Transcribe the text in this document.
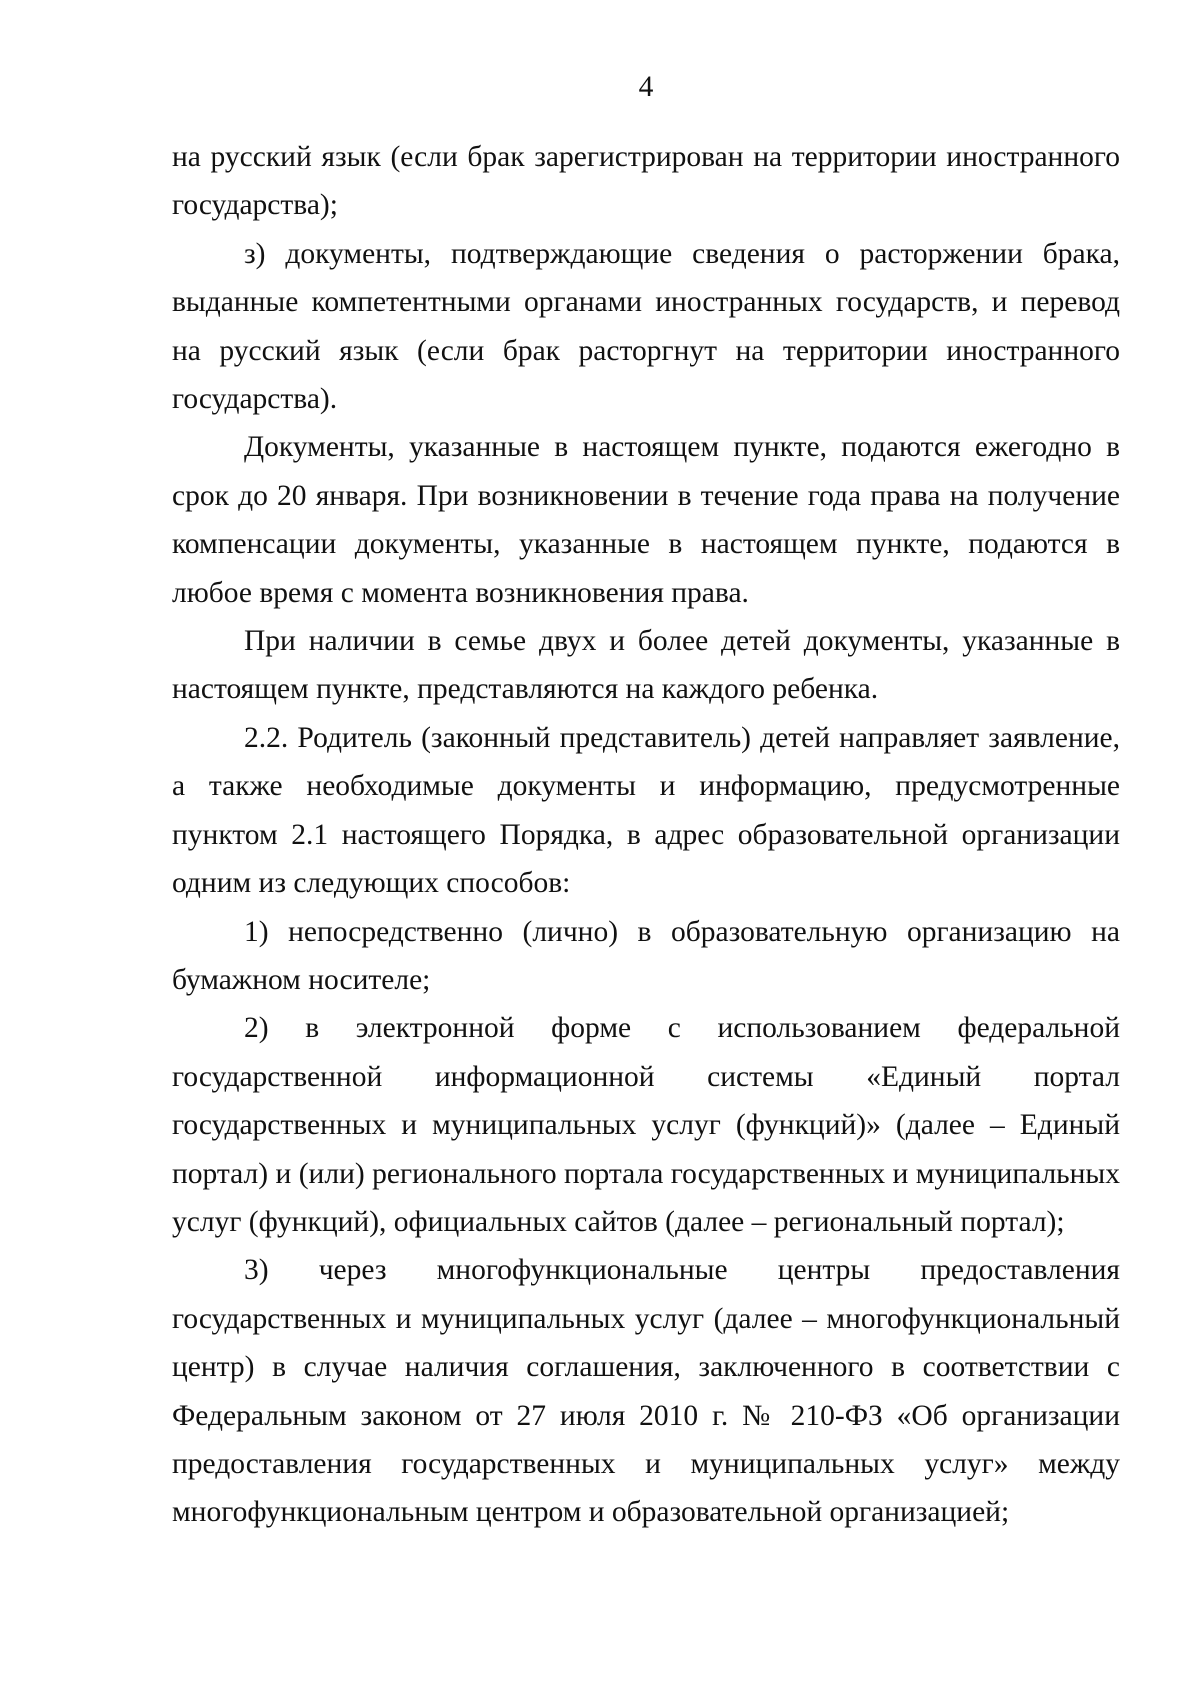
4

на русский язык (если брак зарегистрирован на территории иностранного государства);

з) документы, подтверждающие сведения о расторжении брака, выданные компетентными органами иностранных государств, и перевод на русский язык (если брак расторгнут на территории иностранного государства).

Документы, указанные в настоящем пункте, подаются ежегодно в срок до 20 января. При возникновении в течение года права на получение компенсации документы, указанные в настоящем пункте, подаются в любое время с момента возникновения права.

При наличии в семье двух и более детей документы, указанные в настоящем пункте, представляются на каждого ребенка.

2.2. Родитель (законный представитель) детей направляет заявление, а также необходимые документы и информацию, предусмотренные пунктом 2.1 настоящего Порядка, в адрес образовательной организации одним из следующих способов:

1) непосредственно (лично) в образовательную организацию на бумажном носителе;

2) в электронной форме с использованием федеральной государственной информационной системы «Единый портал государственных и муниципальных услуг (функций)» (далее – Единый портал) и (или) регионального портала государственных и муниципальных услуг (функций), официальных сайтов (далее – региональный портал);

3) через многофункциональные центры предоставления государственных и муниципальных услуг (далее – многофункциональный центр) в случае наличия соглашения, заключенного в соответствии с Федеральным законом от 27 июля 2010 г. № 210-ФЗ «Об организации предоставления государственных и муниципальных услуг» между многофункциональным центром и образовательной организацией;
